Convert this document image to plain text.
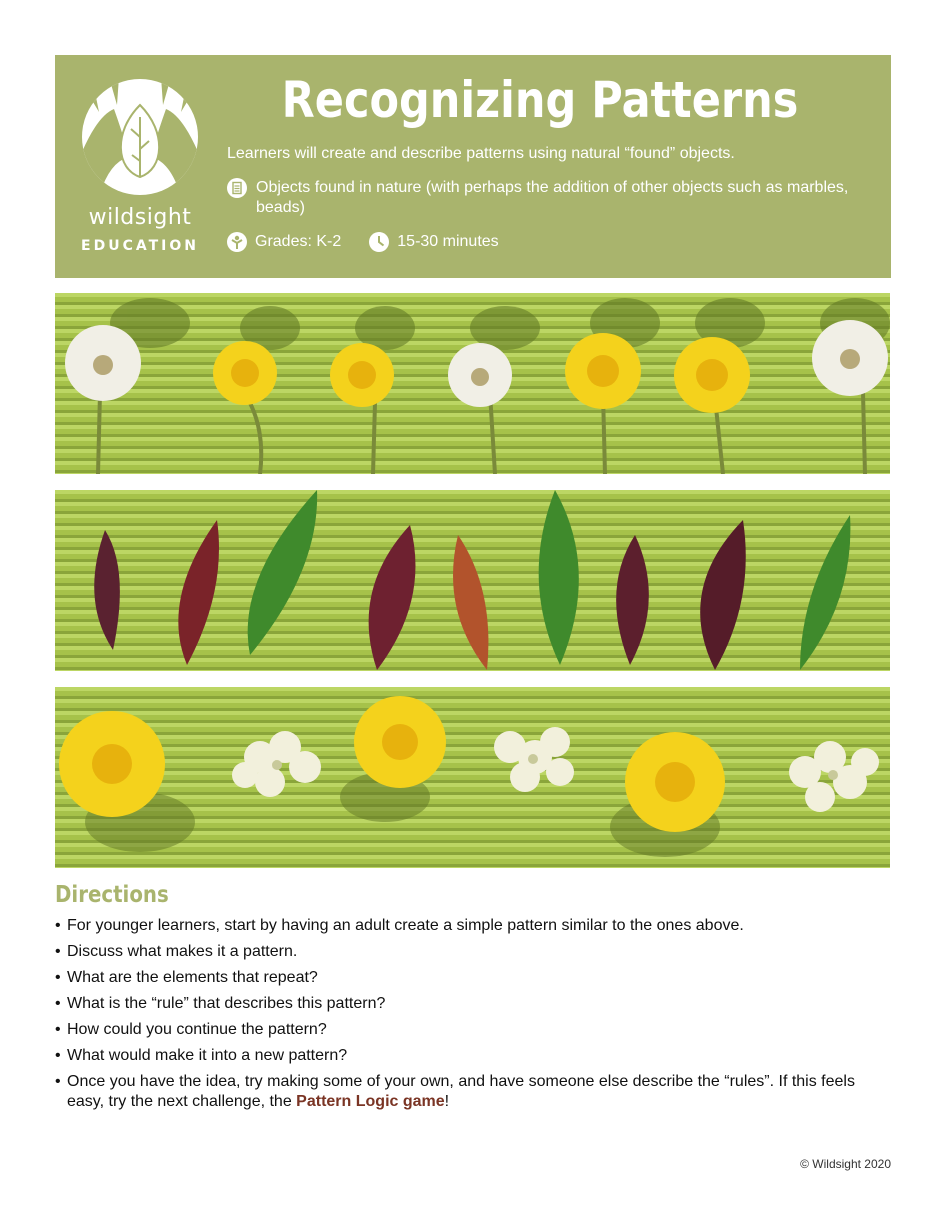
wildsight
EDUCATION
Recognizing Patterns
Learners will create and describe patterns using natural “found” objects.
Objects found in nature (with perhaps the addition of other objects such as marbles, beads)
Grades: K-2	15-30 minutes
Directions
• For younger learners, start by having an adult create a simple pattern similar to the ones above.
• Discuss what makes it a pattern.
• What are the elements that repeat?
• What is the “rule” that describes this pattern?
• How could you continue the pattern?
• What would make it into a new pattern?
• Once you have the idea, try making some of your own, and have someone else describe the “rules”. If this feels easy, try the next challenge, the Pattern Logic game!
© Wildsight 2020
